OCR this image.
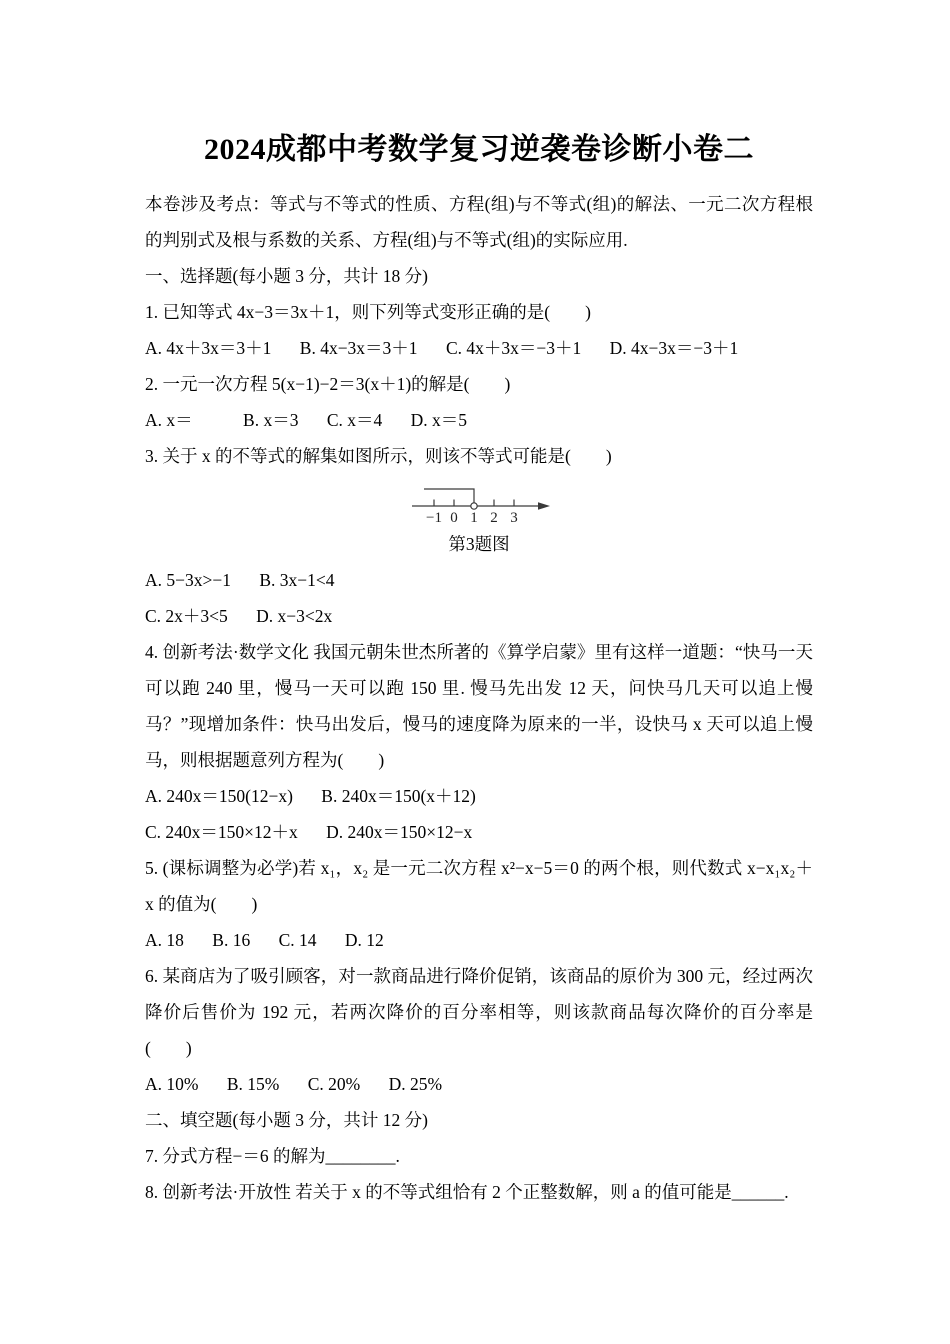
2024成都中考数学复习逆袭卷诊断小卷二

本卷涉及考点：等式与不等式的性质、方程(组)与不等式(组)的解法、一元二次方程根的判别式及根与系数的关系、方程(组)与不等式(组)的实际应用.

一、选择题(每小题 3 分，共计 18 分)

1. 已知等式 4x−3＝3x＋1，则下列等式变形正确的是(　　)

A. 4x＋3x＝3＋1 B. 4x−3x＝3＋1 C. 4x＋3x＝−3＋1 D. 4x−3x＝−3＋1

2. 一元一次方程 5(x−1)−2＝3(x＋1)的解是(　　)

A. x＝	B. x＝3 C. x＝4 D. x＝5

3. 关于 x 的不等式的解集如图所示，则该不等式可能是(　　)

−1 0 1 2 3

第3题图

A. 5−3x>−1 B. 3x−1<4

C. 2x＋3<5 D. x−3<2x

4. 创新考法·数学文化 我国元朝朱世杰所著的《算学启蒙》里有这样一道题：“快马一天可以跑 240 里，慢马一天可以跑 150 里. 慢马先出发 12 天，问快马几天可以追上慢马？”现增加条件：快马出发后，慢马的速度降为原来的一半，设快马 x 天可以追上慢马，则根据题意列方程为(　　)

A. 240x＝150(12−x) B. 240x＝150(x＋12)

C. 240x＝150×12＋x D. 240x＝150×12−x

5. (课标调整为必学)若 x₁，x₂ 是一元二次方程 x²−x−5＝0 的两个根，则代数式 x−x₁x₂＋x 的值为(　　)

A. 18 B. 16 C. 14 D. 12

6. 某商店为了吸引顾客，对一款商品进行降价促销，该商品的原价为 300 元，经过两次降价后售价为 192 元，若两次降价的百分率相等，则该款商品每次降价的百分率是(　　)

A. 10% B. 15% C. 20% D. 25%

二、填空题(每小题 3 分，共计 12 分)

7. 分式方程−＝6 的解为________.

8. 创新考法·开放性 若关于 x 的不等式组恰有 2 个正整数解，则 a 的值可能是______.
